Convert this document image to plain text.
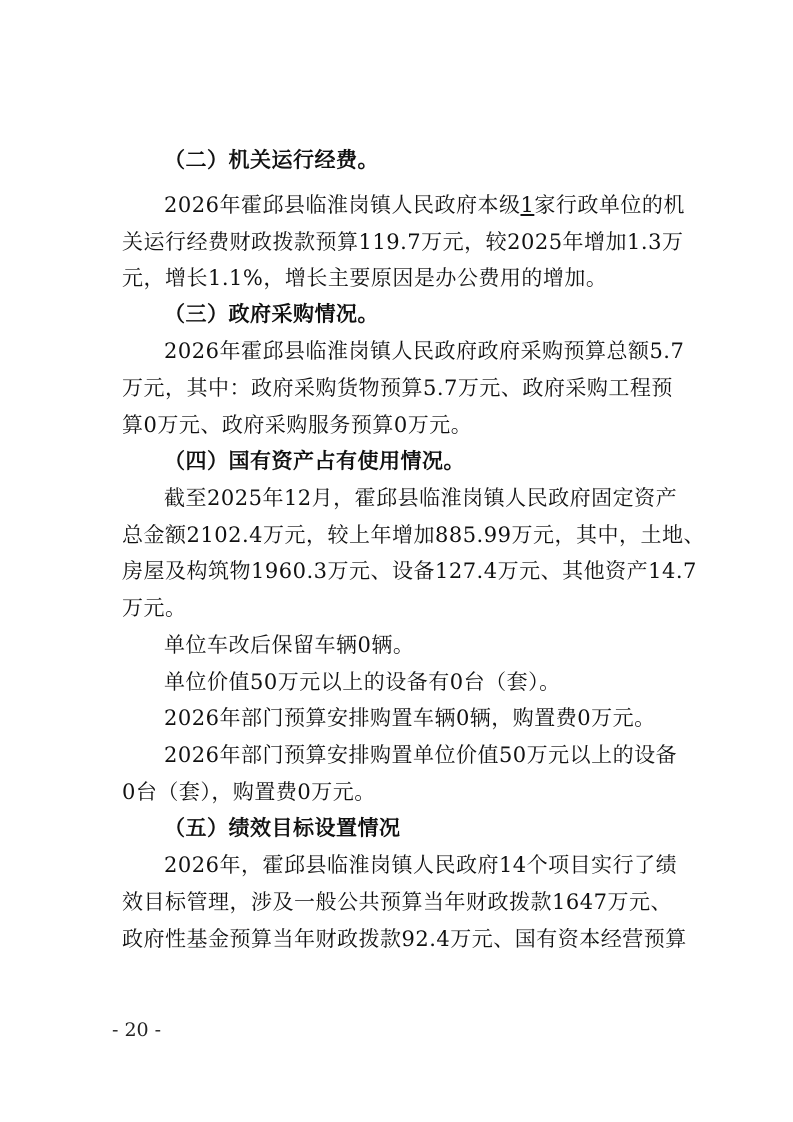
（二）机关运行经费。
2026年霍邱县临淮岗镇人民政府本级1家行政单位的机
关运行经费财政拨款预算119.7万元，较2025年增加1.3万
元，增长1.1%，增长主要原因是办公费用的增加。
（三）政府采购情况。
2026年霍邱县临淮岗镇人民政府政府采购预算总额5.7
万元，其中：政府采购货物预算5.7万元、政府采购工程预
算0万元、政府采购服务预算0万元。
（四）国有资产占有使用情况。
截至2025年12月，霍邱县临淮岗镇人民政府固定资产
总金额2102.4万元，较上年增加885.99万元，其中，土地、
房屋及构筑物1960.3万元、设备127.4万元、其他资产14.7
万元。
单位车改后保留车辆0辆。
单位价值50万元以上的设备有0台（套）。
2026年部门预算安排购置车辆0辆，购置费0万元。
2026年部门预算安排购置单位价值50万元以上的设备
0台（套），购置费0万元。
（五）绩效目标设置情况
2026年，霍邱县临淮岗镇人民政府14个项目实行了绩
效目标管理，涉及一般公共预算当年财政拨款1647万元、
政府性基金预算当年财政拨款92.4万元、国有资本经营预算
- 20 -
